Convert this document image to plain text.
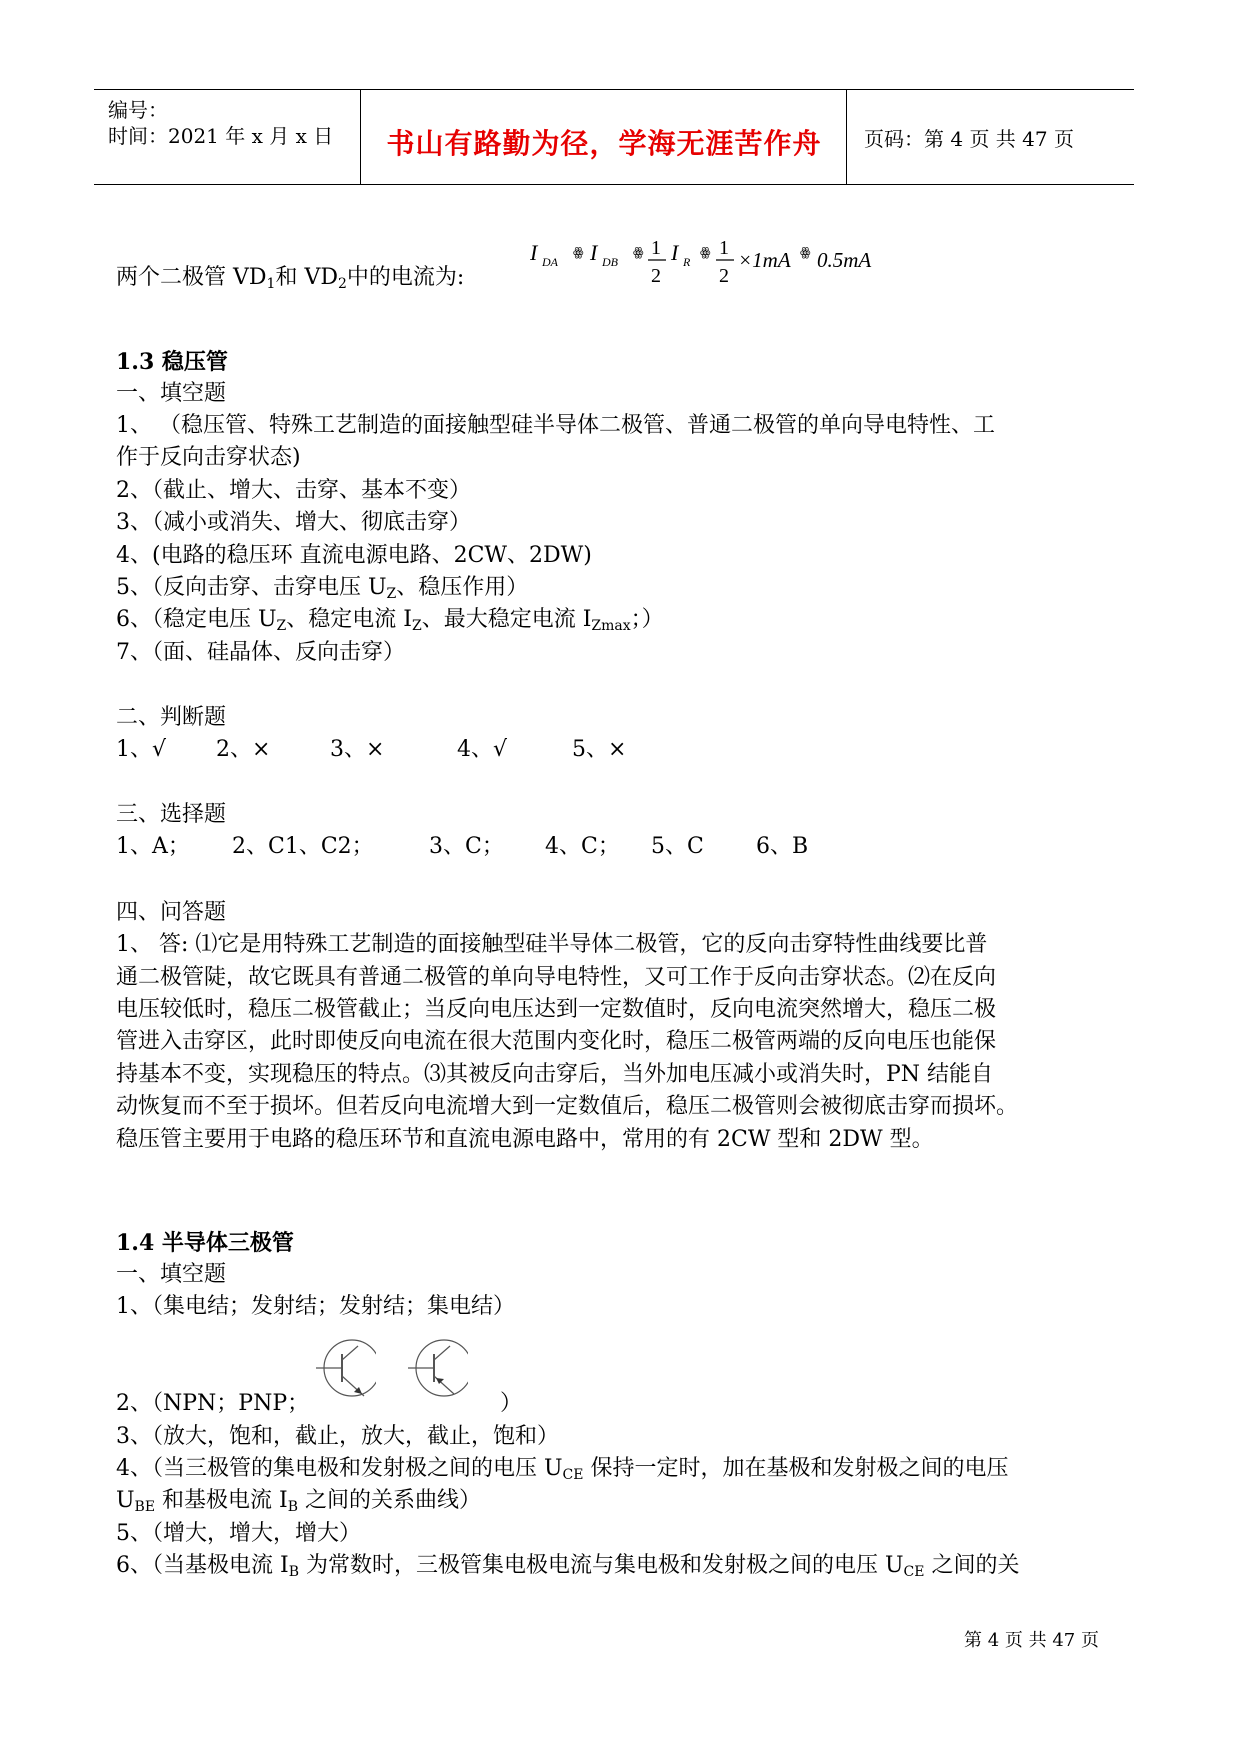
编号：
时间：2021 年 x 月 x 日	书山有路勤为径，学海无涯苦作舟	页码：第 4 页 共 47 页
两个二极管 $VD_1$和 $VD_2$中的电流为:
I DA
ꙮ I DB
ꙮ 1
2
I R
ꙮ 1
2
×1mA ꙮ 0.5mA
1.3 稳压管
一、填空题
1、 （稳压管、特殊工艺制造的面接触型硅半导体二极管、普通二极管的单向导电特性、工
作于反向击穿状态)
2、（截止、增大、击穿、基本不变）
3、（减小或消失、增大、彻底击穿）
4、(电路的稳压环 直流电源电路、2CW、2DW)
5、（反向击穿、击穿电压 $U_Z$、稳压作用）
6、（稳定电压 $U_Z$、稳定电流 $I_Z$、最大稳定电流 $I_{Zmax}$；）
7、（面、硅晶体、反向击穿）
二、判断题
1、√ 2、×	3、×	4、√	5、×
三、选择题
1、A； 2、C1、C2；	3、C； 4、C； 5、C 6、B
四、问答题
1、 答: ⑴它是用特殊工艺制造的面接触型硅半导体二极管，它的反向击穿特性曲线要比普
通二极管陡，故它既具有普通二极管的单向导电特性，又可工作于反向击穿状态。⑵在反向
电压较低时，稳压二极管截止；当反向电压达到一定数值时，反向电流突然增大，稳压二极
管进入击穿区，此时即使反向电流在很大范围内变化时，稳压二极管两端的反向电压也能保
持基本不变，实现稳压的特点。⑶其被反向击穿后，当外加电压减小或消失时，PN 结能自
动恢复而不至于损坏。但若反向电流增大到一定数值后，稳压二极管则会被彻底击穿而损坏。
稳压管主要用于电路的稳压环节和直流电源电路中，常用的有 2CW 型和 2DW 型。
1.4 半导体三极管
一、填空题
1、（集电结；发射结；发射结；集电结）
2、（NPN；PNP；	）
3、（放大，饱和，截止，放大，截止，饱和）
4、（当三极管的集电极和发射极之间的电压 $U_{CE}$ 保持一定时，加在基极和发射极之间的电压
$U_{BE}$ 和基极电流 $I_B$ 之间的关系曲线）
5、（增大，增大，增大）
6、（当基极电流 $I_B$ 为常数时，三极管集电极电流与集电极和发射极之间的电压 $U_{CE}$ 之间的关
第 4 页 共 47 页
